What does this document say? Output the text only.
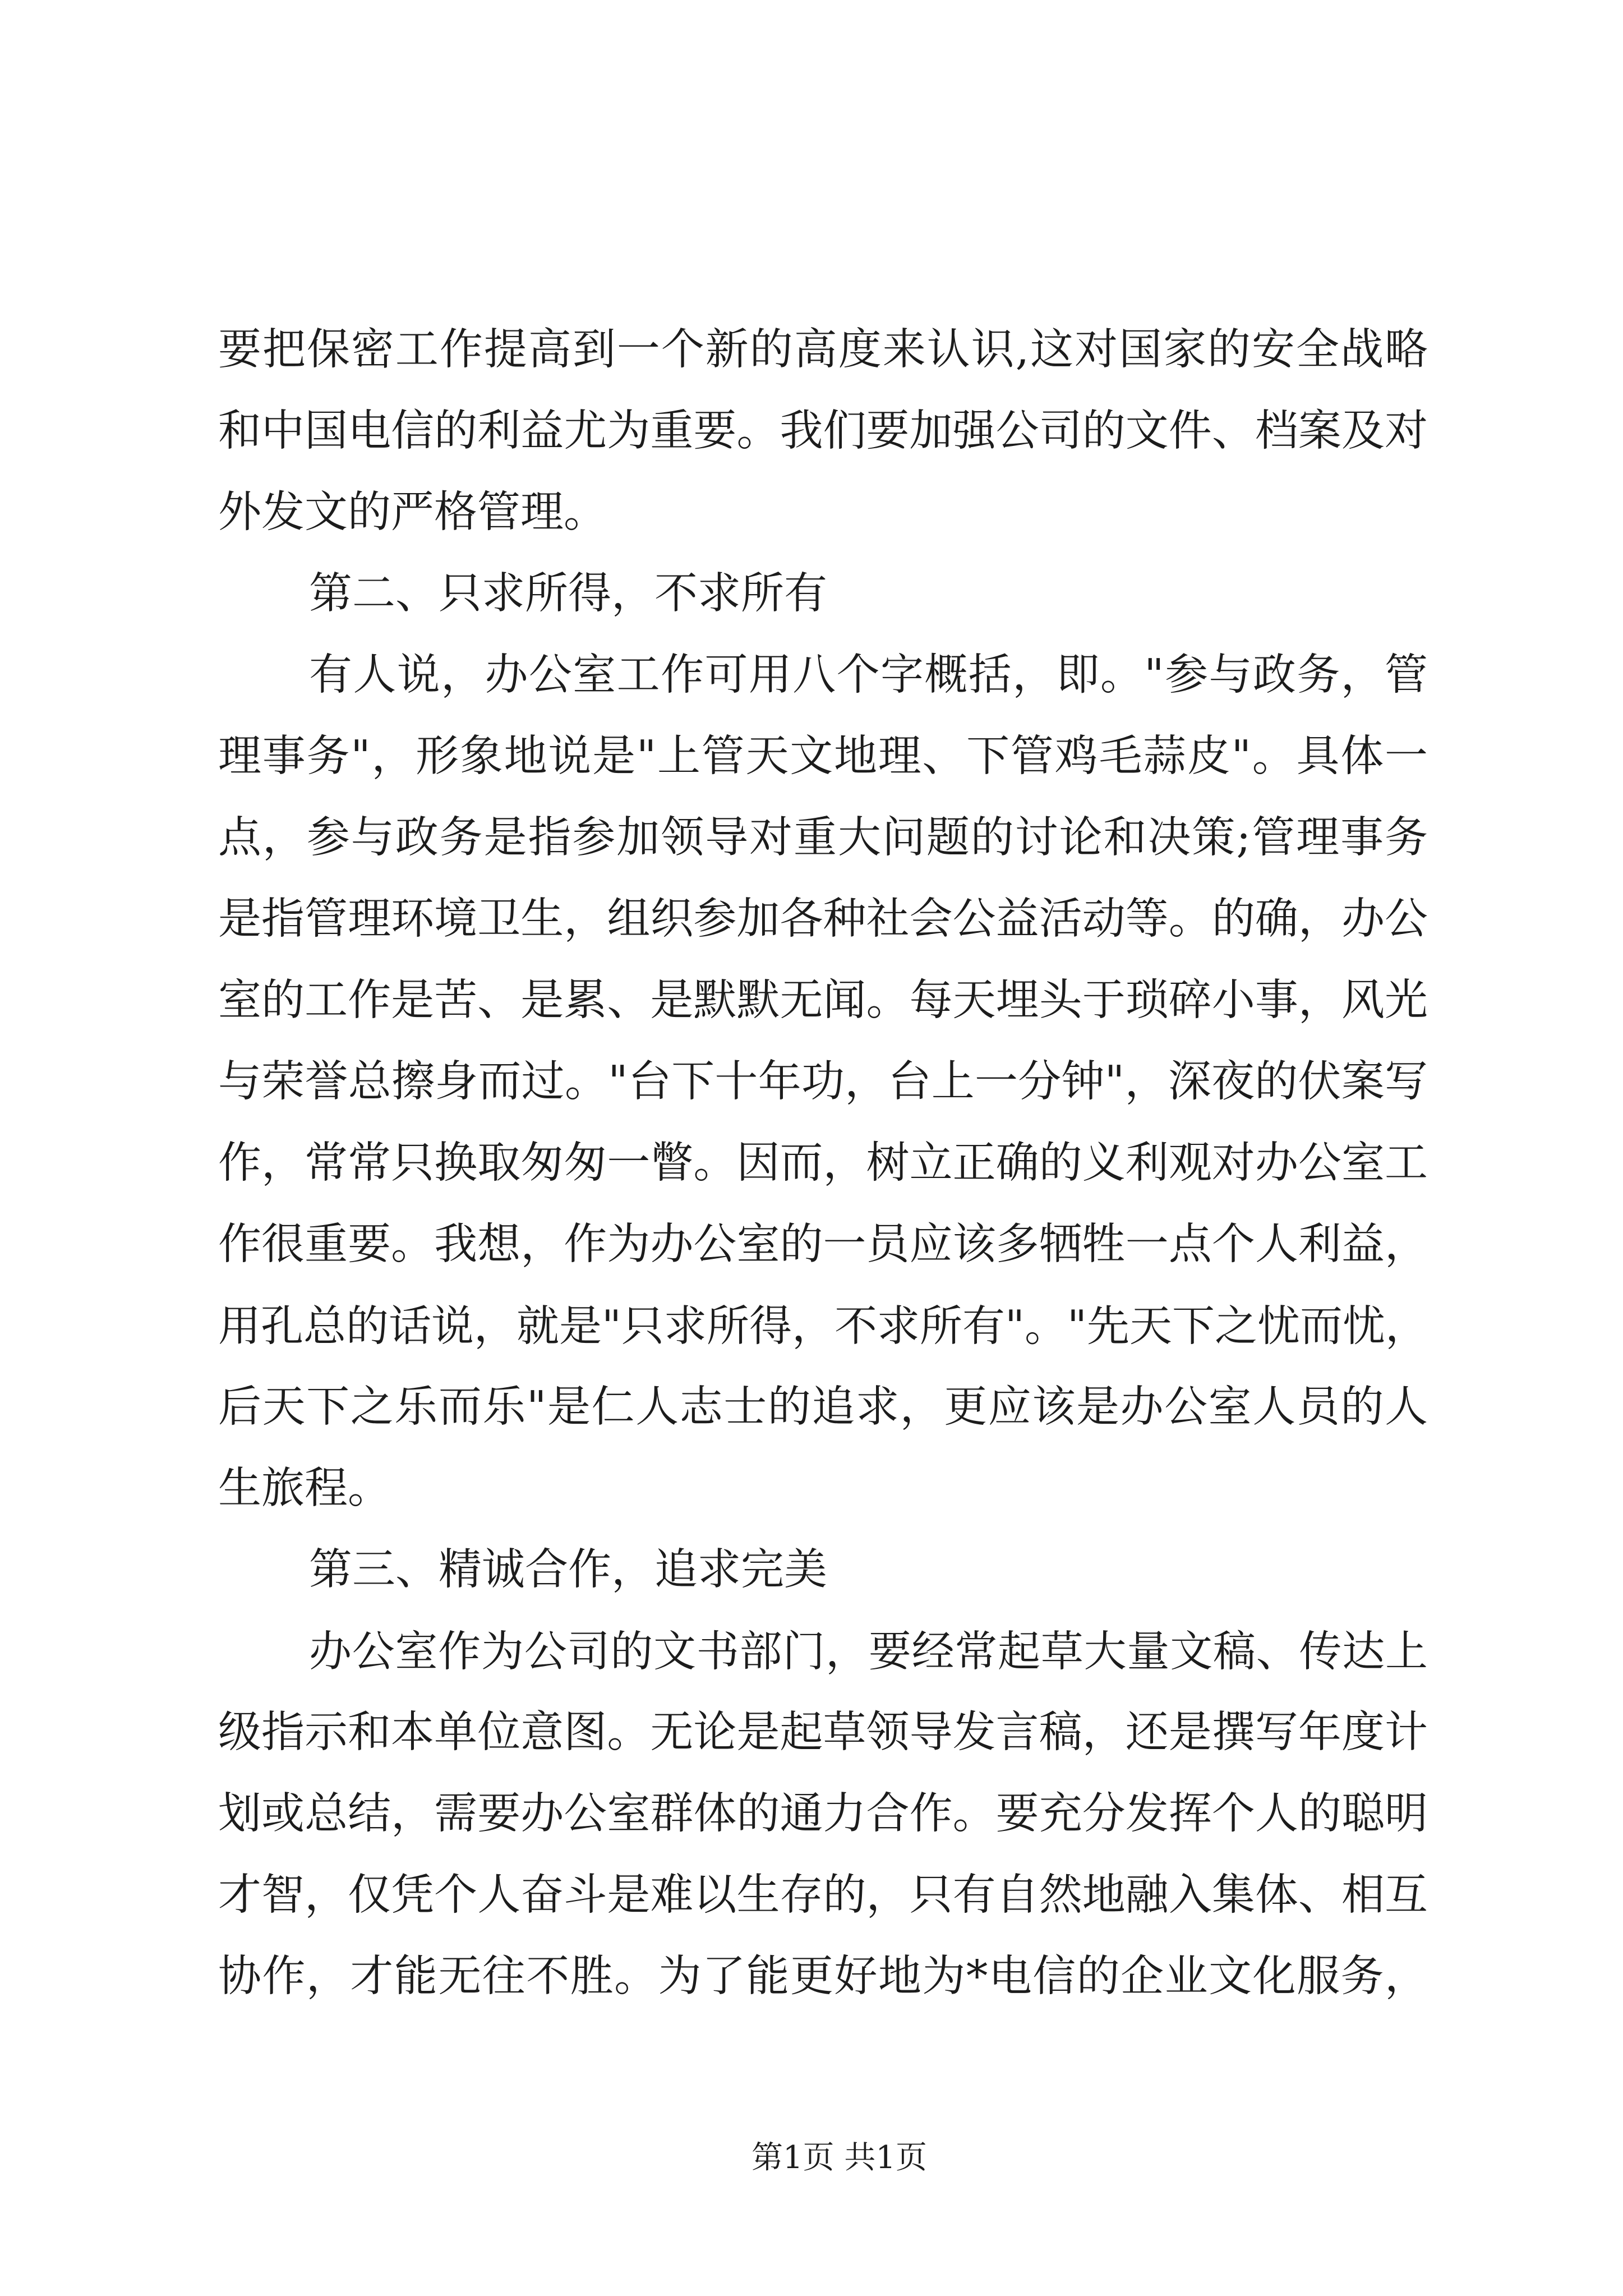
要把保密工作提高到一个新的高度来认识,这对国家的安全战略
和中国电信的利益尤为重要。我们要加强公司的文件、档案及对
外发文的严格管理。
第二、只求所得，不求所有
有人说，办公室工作可用八个字概括，即。"参与政务，管
理事务"，形象地说是"上管天文地理、下管鸡毛蒜皮"。具体一
点，参与政务是指参加领导对重大问题的讨论和决策;管理事务
是指管理环境卫生，组织参加各种社会公益活动等。的确，办公
室的工作是苦、是累、是默默无闻。每天埋头于琐碎小事，风光
与荣誉总擦身而过。"台下十年功，台上一分钟"，深夜的伏案写
作，常常只换取匆匆一瞥。因而，树立正确的义利观对办公室工
作很重要。我想，作为办公室的一员应该多牺牲一点个人利益，
用孔总的话说，就是"只求所得，不求所有"。"先天下之忧而忧，
后天下之乐而乐"是仁人志士的追求，更应该是办公室人员的人
生旅程。
第三、精诚合作，追求完美
办公室作为公司的文书部门，要经常起草大量文稿、传达上
级指示和本单位意图。无论是起草领导发言稿，还是撰写年度计
划或总结，需要办公室群体的通力合作。要充分发挥个人的聪明
才智，仅凭个人奋斗是难以生存的，只有自然地融入集体、相互
协作，才能无往不胜。为了能更好地为*电信的企业文化服务，
第1页 共1页
